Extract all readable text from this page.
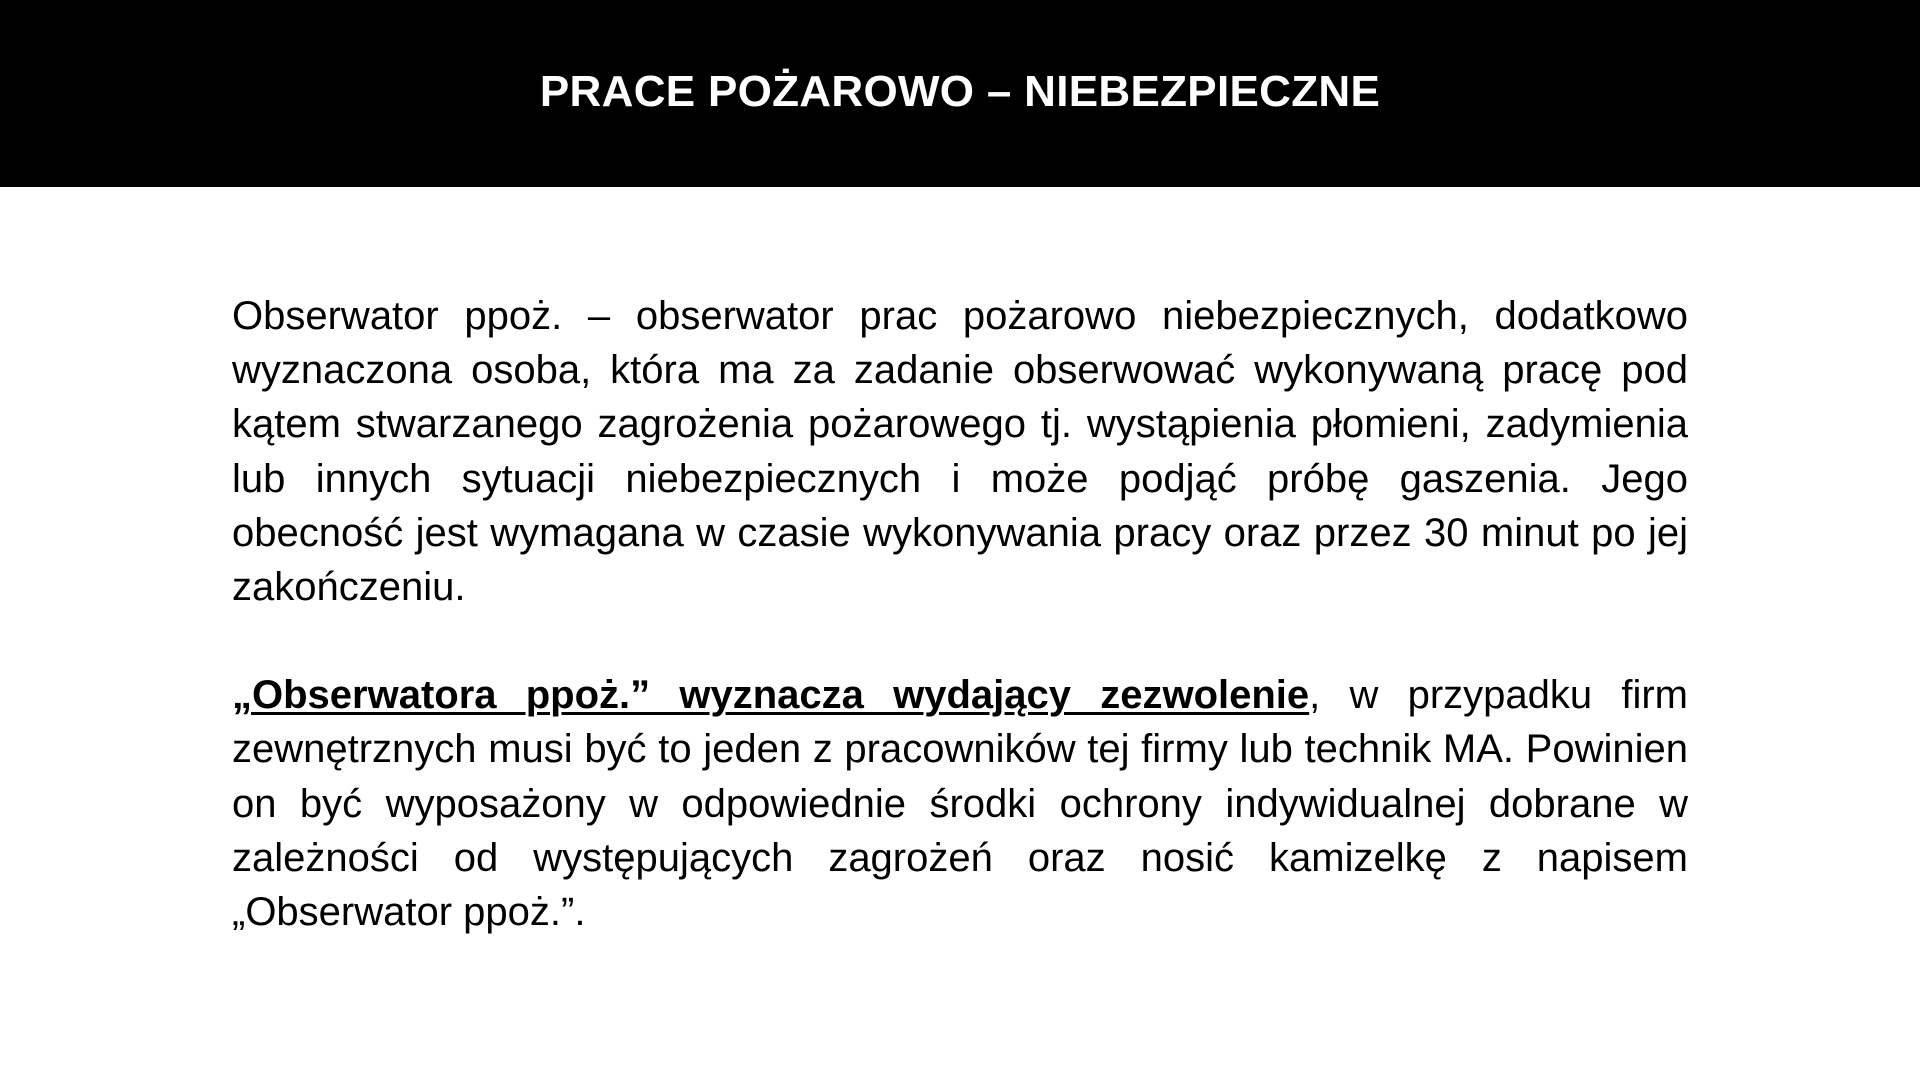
PRACE POŻAROWO – NIEBEZPIECZNE

Obserwator ppoż. – obserwator prac pożarowo niebezpiecznych, dodatkowo wyznaczona osoba, która ma za zadanie obserwować wykonywaną pracę pod kątem stwarzanego zagrożenia pożarowego tj. wystąpienia płomieni, zadymienia lub innych sytuacji niebezpiecznych i może podjąć próbę gaszenia. Jego obecność jest wymagana w czasie wykonywania pracy oraz przez 30 minut po jej zakończeniu.

„Obserwatora ppoż.” wyznacza wydający zezwolenie, w przypadku firm zewnętrznych musi być to jeden z pracowników tej firmy lub technik MA. Powinien on być wyposażony w odpowiednie środki ochrony indywidualnej dobrane w zależności od występujących zagrożeń oraz nosić kamizelkę z napisem „Obserwator ppoż.”.
